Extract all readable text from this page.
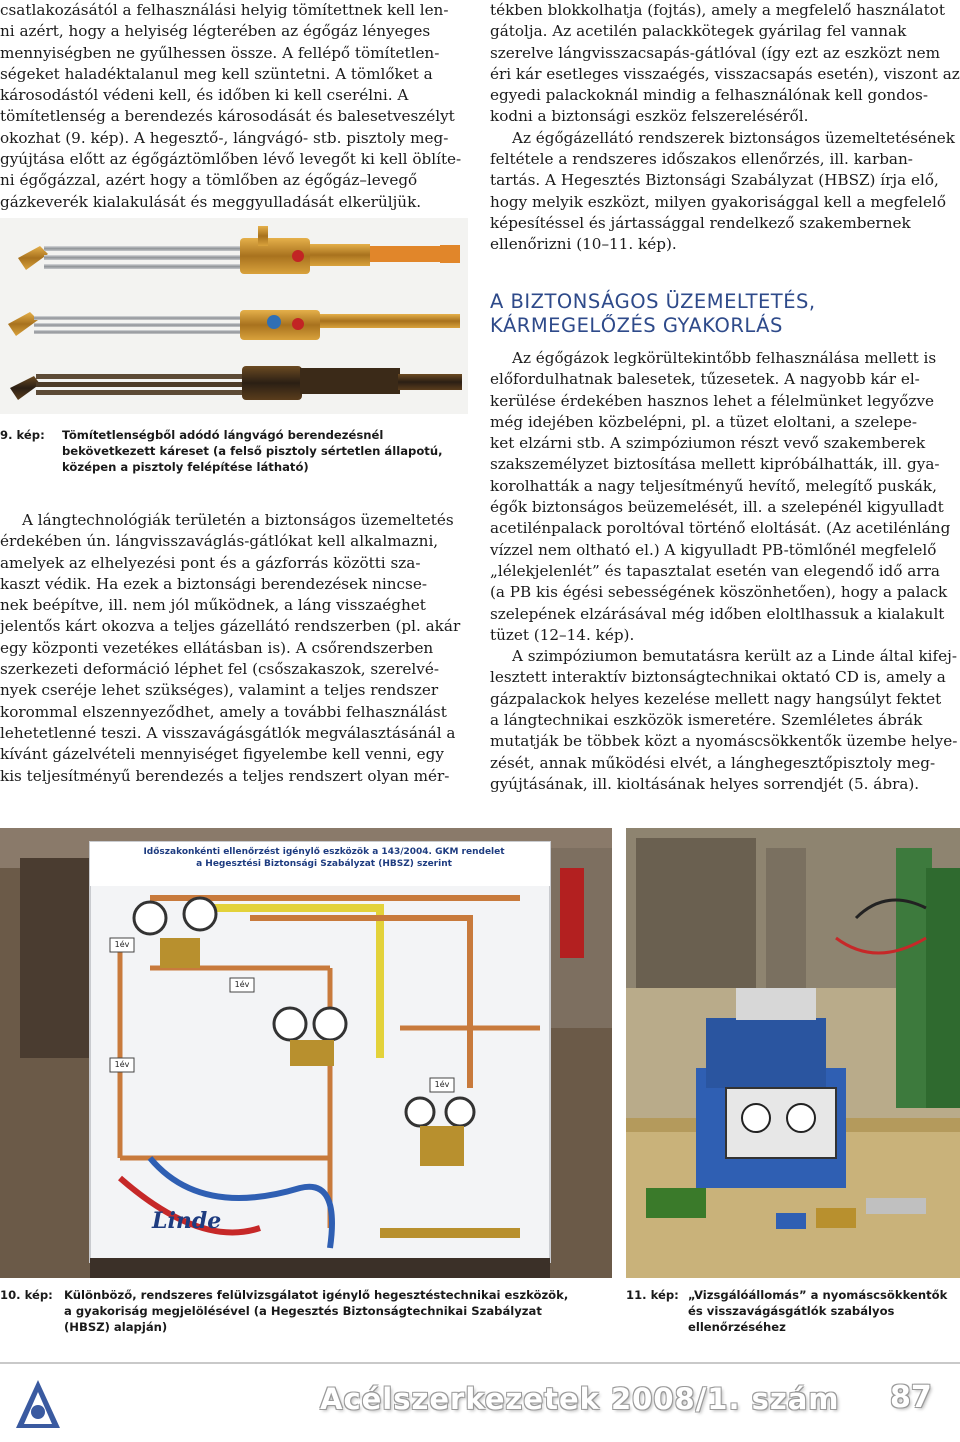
csatlakozásától a felhasználási helyig tömítettnek kell len-
ni azért, hogy a helyiség légterében az égőgáz lényeges
mennyiségben ne gyűlhessen össze. A fellépő tömítetlen-
ségeket haladéktalanul meg kell szüntetni. A tömlőket a
károsodástól védeni kell, és időben ki kell cserélni. A
tömítetlenség a berendezés károsodását és balesetveszélyt
okozhat (9. kép). A hegesztő-, lángvágó- stb. pisztoly meg-
gyújtása előtt az égőgáztömlőben lévő levegőt ki kell öblíte-
ni égőgázzal, azért hogy a tömlőben az égőgáz–levegő
gázkeverék kialakulását és meggyulladását elkerüljük.
9. kép: Tömítetlenségből adódó lángvágó berendezésnél
bekövetkezett káreset (a felső pisztoly sértetlen állapotú,
középen a pisztoly felépítése látható)
A lángtechnológiák területén a biztonságos üzemeltetés
érdekében ún. lángvisszaváglás-gátlókat kell alkalmazni,
amelyek az elhelyezési pont és a gázforrás közötti sza-
kaszt védik. Ha ezek a biztonsági berendezések nincse-
nek beépítve, ill. nem jól működnek, a láng visszaéghet
jelentős kárt okozva a teljes gázellátó rendszerben (pl. akár
egy központi vezetékes ellátásban is). A csőrendszerben
szerkezeti deformáció léphet fel (csőszakaszok, szerelvé-
nyek cseréje lehet szükséges), valamint a teljes rendszer
korommal elszennyeződhet, amely a további felhasználást
lehetetlenné teszi. A visszavágásgátlók megválasztásánál a
kívánt gázelvételi mennyiséget figyelembe kell venni, egy
kis teljesítményű berendezés a teljes rendszert olyan mér-
tékben blokkolhatja (fojtás), amely a megfelelő használatot
gátolja. Az acetilén palackkötegek gyárilag fel vannak
szerelve lángvisszacsapás-gátlóval (így ezt az eszközt nem
éri kár esetleges visszaégés, visszacsapás esetén), viszont az
egyedi palackoknál mindig a felhasználónak kell gondos-
kodni a biztonsági eszköz felszereléséről.
Az égőgázellátó rendszerek biztonságos üzemeltetésének
feltétele a rendszeres időszakos ellenőrzés, ill. karban-
tartás. A Hegesztés Biztonsági Szabályzat (HBSZ) írja elő,
hogy melyik eszközt, milyen gyakorisággal kell a megfelelő
képesítéssel és jártassággal rendelkező szakembernek
ellenőrizni (10–11. kép).
A BIZTONSÁGOS ÜZEMELTETÉS,
KÁRMEGELŐZÉS GYAKORLÁS
Az égőgázok legkörültekintőbb felhasználása mellett is
előfordulhatnak balesetek, tűzesetek. A nagyobb kár el-
kerülése érdekében hasznos lehet a félelmünket legyőzve
még idejében közbelépni, pl. a tüzet eloltani, a szelepe-
ket elzárni stb. A szimpóziumon részt vevő szakemberek
szakszemélyzet biztosítása mellett kipróbálhatták, ill. gya-
korolhatták a nagy teljesítményű hevítő, melegítő puskák,
égők biztonságos beüzemelését, ill. a szelepénél kigyulladt
acetilénpalack poroltóval történő eloltását. (Az acetilénláng
vízzel nem oltható el.) A kigyulladt PB-tömlőnél megfelelő
„lélekjelenlét” és tapasztalat esetén van elegendő idő arra
(a PB kis égési sebességének köszönhetően), hogy a palack
szelepének elzárásával még időben eloltlhassuk a kialakult
tüzet (12–14. kép).
A szimpóziumon bemutatásra került az a Linde által kifej-
lesztett interaktív biztonságtechnikai oktató CD is, amely a
gázpalackok helyes kezelése mellett nagy hangsúlyt fektet
a lángtechnikai eszközök ismeretére. Szemléletes ábrák
mutatják be többek közt a nyomáscsökkentők üzembe helye-
zését, annak működési elvét, a lánghegesztőpisztoly meg-
gyújtásának, ill. kioltásának helyes sorrendjét (5. ábra).
Időszakonkénti ellenőrzést igénylő eszközök a 143/2004. GKM rendelet
a Hegesztési Biztonsági Szabályzat (HBSZ) szerint
1év
1év
1év
1év
Linde
10. kép: Különböző, rendszeres felülvizsgálatot igénylő hegesztéstechnikai eszközök,
a gyakoriság megjelölésével (a Hegesztés Biztonságtechnikai Szabályzat
(HBSZ) alapján)
11. kép: „Vizsgálóállomás” a nyomáscsökkentők
és visszavágásgátlók szabályos
ellenőrzéséhez
Acélszerkezetek 2008/1. szám 87
